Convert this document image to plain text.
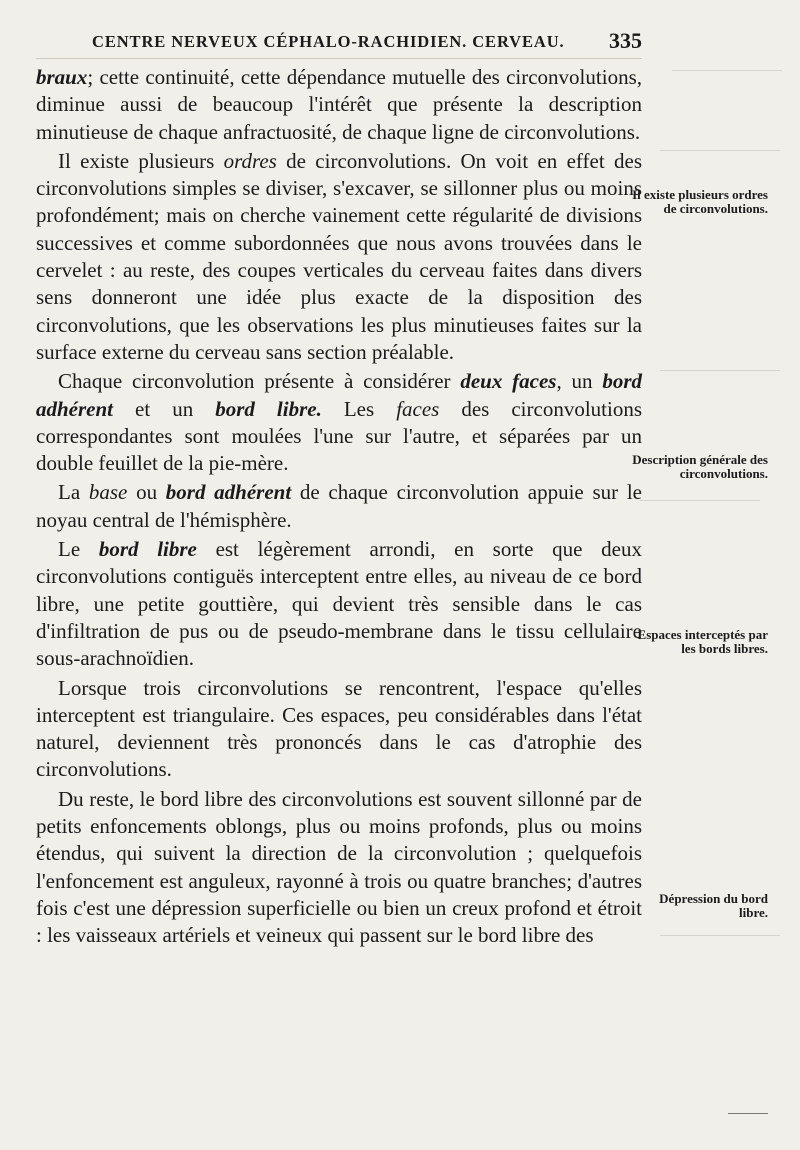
CENTRE NERVEUX CÉPHALO-RACHIDIEN. CERVEAU. 335

braux; cette continuité, cette dépendance mutuelle des circonvolutions, diminue aussi de beaucoup l'intérêt que présente la description minutieuse de chaque anfractuosité, de chaque ligne de circonvolutions.

Il existe plusieurs ordres de circonvolutions. On voit en effet des circonvolutions simples se diviser, s'excaver, se sillonner plus ou moins profondément; mais on cherche vainement cette régularité de divisions successives et comme subordonnées que nous avons trouvées dans le cervelet : au reste, des coupes verticales du cerveau faites dans divers sens donneront une idée plus exacte de la disposition des circonvolutions, que les observations les plus minutieuses faites sur la surface externe du cerveau sans section préalable.

Chaque circonvolution présente à considérer deux faces, un bord adhérent et un bord libre. Les faces des circonvolutions correspondantes sont moulées l'une sur l'autre, et séparées par un double feuillet de la pie-mère.

La base ou bord adhérent de chaque circonvolution appuie sur le noyau central de l'hémisphère.

Le bord libre est légèrement arrondi, en sorte que deux circonvolutions contiguës interceptent entre elles, au niveau de ce bord libre, une petite gouttière, qui devient très sensible dans le cas d'infiltration de pus ou de pseudo-membrane dans le tissu cellulaire sous-arachnoïdien.

Lorsque trois circonvolutions se rencontrent, l'espace qu'elles interceptent est triangulaire. Ces espaces, peu considérables dans l'état naturel, deviennent très prononcés dans le cas d'atrophie des circonvolutions.

Du reste, le bord libre des circonvolutions est souvent sillonné par de petits enfoncements oblongs, plus ou moins profonds, plus ou moins étendus, qui suivent la direction de la circonvolution ; quelquefois l'enfoncement est anguleux, rayonné à trois ou quatre branches; d'autres fois c'est une dépression superficielle ou bien un creux profond et étroit : les vaisseaux artériels et veineux qui passent sur le bord libre des

Il existe plusieurs ordres de circonvolutions.
Description générale des circonvolutions.
Espaces interceptés par les bords libres.
Dépression du bord libre.
